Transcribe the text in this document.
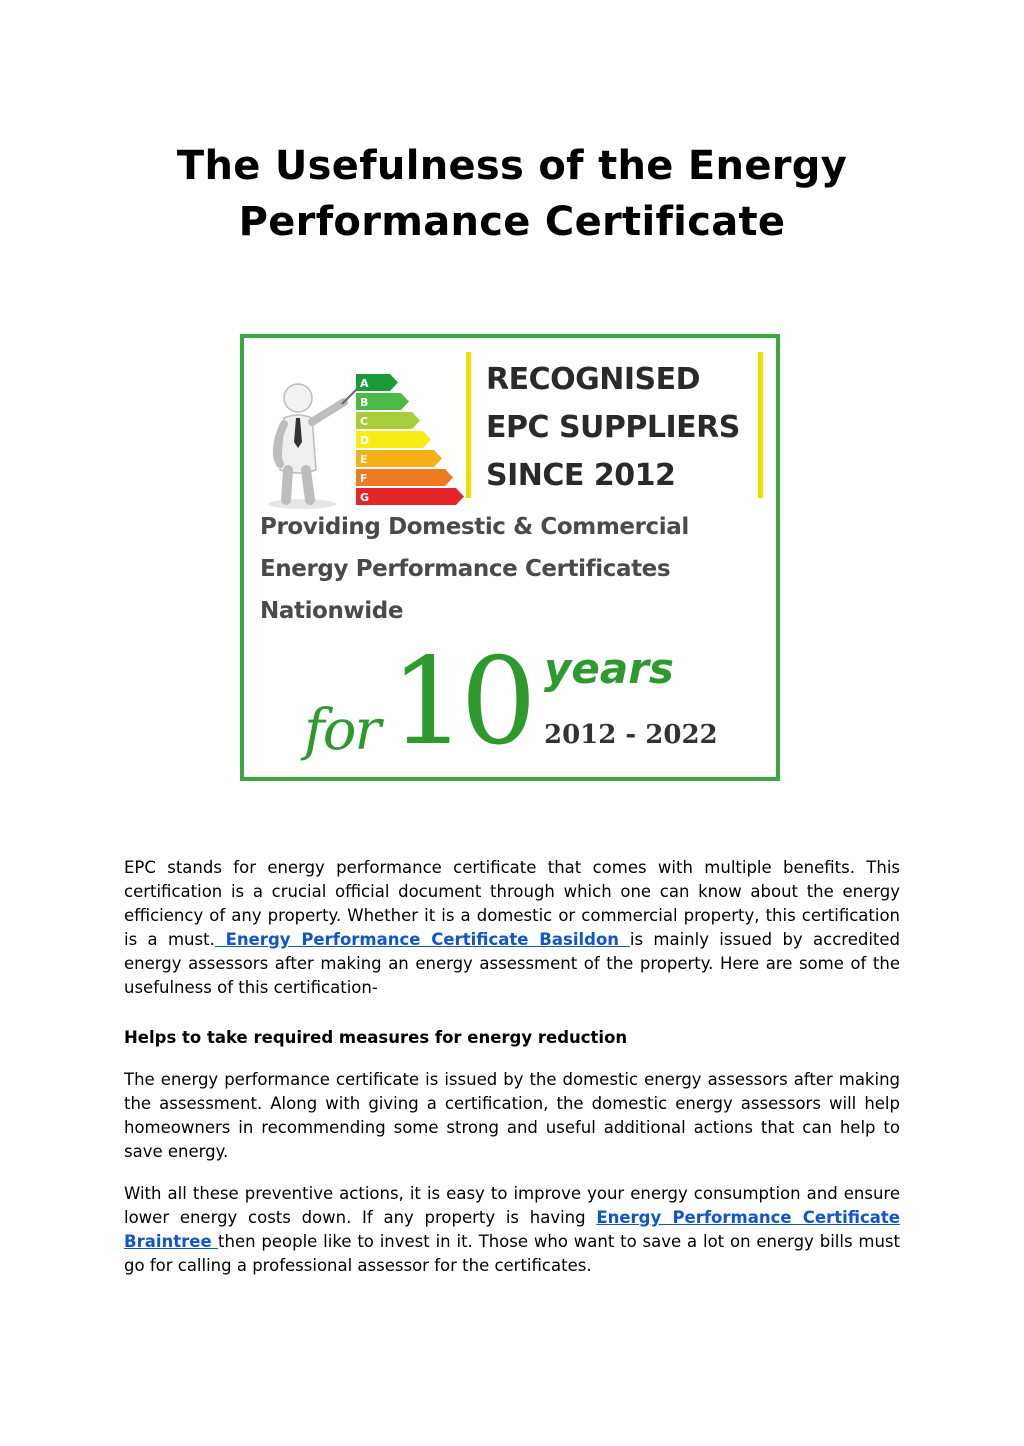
The Usefulness of the Energy
Performance Certificate
A
B
C
D
E
F
G
RECOGNISED
EPC SUPPLIERS
SINCE 2012
Providing Domestic & Commercial
Energy Performance Certificates
Nationwide
for 10 years
2012 - 2022

EPC stands for energy performance certificate that comes with multiple benefits. This certification is a crucial official document through which one can know about the energy efficiency of any property. Whether it is a domestic or commercial property, this certification is a must. Energy Performance Certificate Basildon is mainly issued by accredited energy assessors after making an energy assessment of the property. Here are some of the usefulness of this certification-

Helps to take required measures for energy reduction

The energy performance certificate is issued by the domestic energy assessors after making the assessment. Along with giving a certification, the domestic energy assessors will help homeowners in recommending some strong and useful additional actions that can help to save energy.

With all these preventive actions, it is easy to improve your energy consumption and ensure lower energy costs down. If any property is having Energy Performance Certificate Braintree then people like to invest in it. Those who want to save a lot on energy bills must go for calling a professional assessor for the certificates.
